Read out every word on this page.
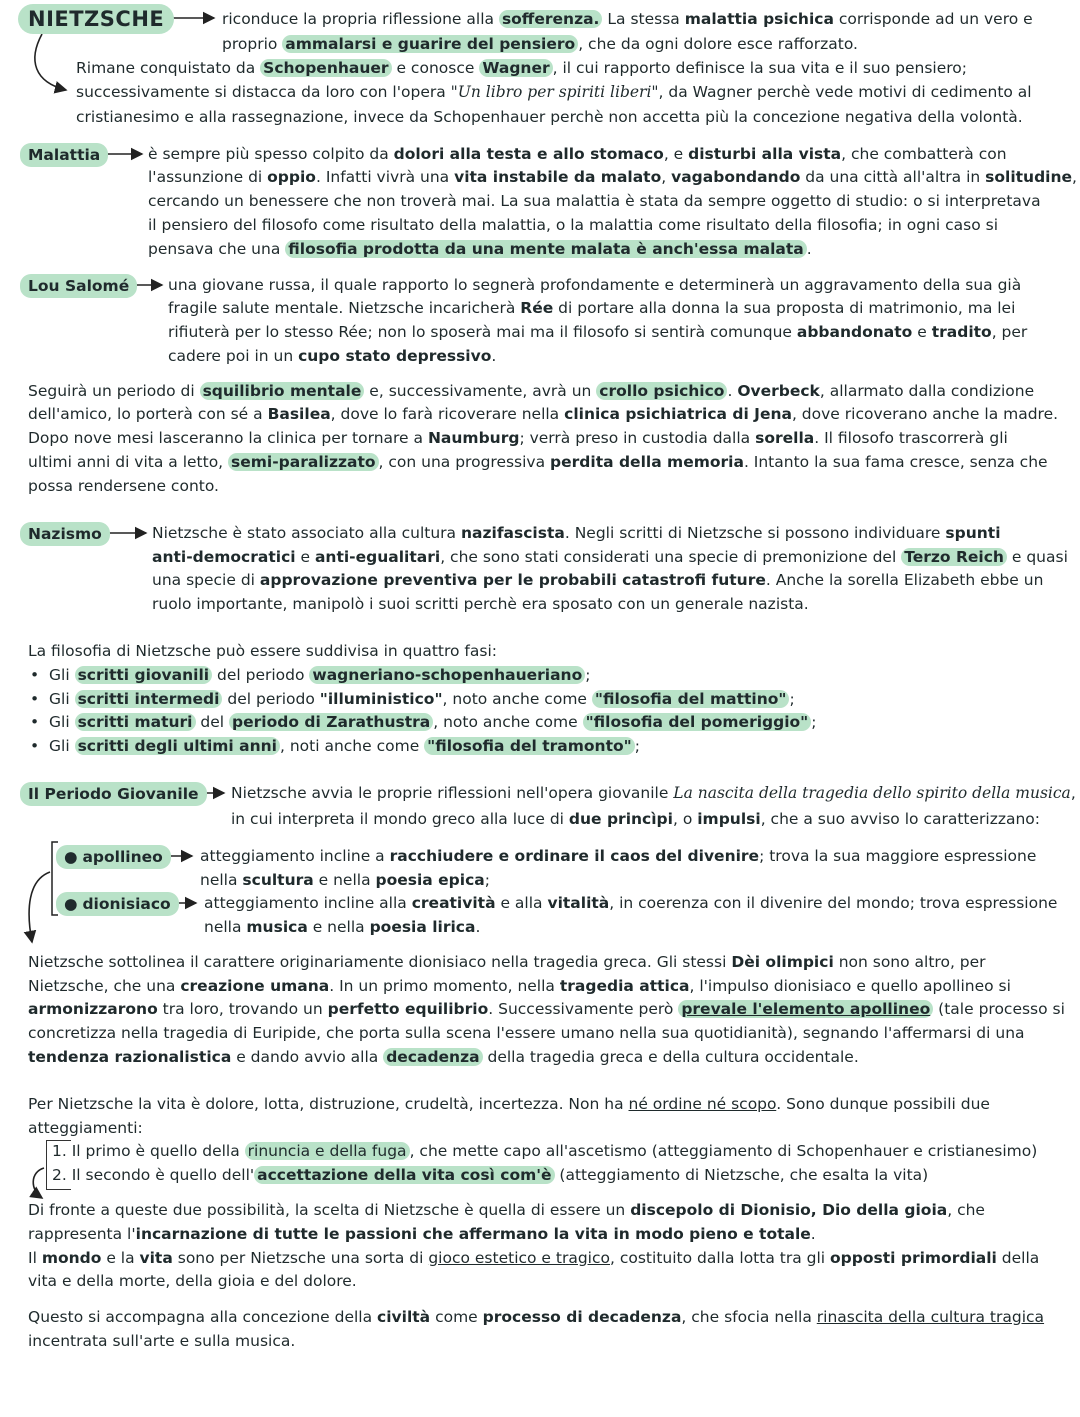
NIETZSCHE	riconduce la propria riflessione alla sofferenza. La stessa malattia psichica corrisponde ad un vero e
proprio ammalarsi e guarire del pensiero , che da ogni dolore esce rafforzato.
Rimane conquistato da Schopenhauer e conosce Wagner , il cui rapporto definisce la sua vita e il suo pensiero;
successivamente si distacca da loro con l'opera "Un libro per spiriti liberi", da Wagner perchè vede motivi di cedimento al
cristianesimo e alla rassegnazione, invece da Schopenhauer perchè non accetta più la concezione negativa della volontà.
Malattia	è sempre più spesso colpito da dolori alla testa e allo stomaco, e disturbi alla vista, che combatterà con
l'assunzione di oppio. Infatti vivrà una vita instabile da malato, vagabondando da una città all'altra in solitudine,
cercando un benessere che non troverà mai. La sua malattia è stata da sempre oggetto di studio: o si interpretava
il pensiero del filosofo come risultato della malattia, o la malattia come risultato della filosofia; in ogni caso si
pensava che una filosofia prodotta da una mente malata è anch'essa malata .
Lou Salomé	una giovane russa, il quale rapporto lo segnerà profondamente e determinerà un aggravamento della sua già
fragile salute mentale. Nietzsche incaricherà Rée di portare alla donna la sua proposta di matrimonio, ma lei
rifiuterà per lo stesso Rée; non lo sposerà mai ma il filosofo si sentirà comunque abbandonato e tradito, per
cadere poi in un cupo stato depressivo.
Seguirà un periodo di squilibrio mentale e, successivamente, avrà un crollo psichico . Overbeck, allarmato dalla condizione
dell'amico, lo porterà con sé a Basilea, dove lo farà ricoverare nella clinica psichiatrica di Jena, dove ricoverano anche la madre.
Dopo nove mesi lasceranno la clinica per tornare a Naumburg; verrà preso in custodia dalla sorella. Il filosofo trascorrerà gli
ultimi anni di vita a letto, semi-paralizzato , con una progressiva perdita della memoria. Intanto la sua fama cresce, senza che
possa rendersene conto.
Nazismo	Nietzsche è stato associato alla cultura nazifascista. Negli scritti di Nietzsche si possono individuare spunti
anti-democratici e anti-egualitari, che sono stati considerati una specie di premonizione del Terzo Reich e quasi
una specie di approvazione preventiva per le probabili catastrofi future. Anche la sorella Elizabeth ebbe un
ruolo importante, manipolò i suoi scritti perchè era sposato con un generale nazista.
La filosofia di Nietzsche può essere suddivisa in quattro fasi:
• Gli scritti giovanili del periodo wagneriano-schopenhaueriano ;
• Gli scritti intermedi del periodo "illuministico", noto anche come "filosofia del mattino" ;
• Gli scritti maturi del periodo di Zarathustra , noto anche come "filosofia del pomeriggio" ;
• Gli scritti degli ultimi anni , noti anche come "filosofia del tramonto" ;
Il Periodo Giovanile	Nietzsche avvia le proprie riflessioni nell'opera giovanile La nascita della tragedia dello spirito della musica,
in cui interpreta il mondo greco alla luce di due princìpi, o impulsi, che a suo avviso lo caratterizzano:
● apollineo	atteggiamento incline a racchiudere e ordinare il caos del divenire; trova la sua maggiore espressione
nella scultura e nella poesia epica;
● dionisiaco	atteggiamento incline alla creatività e alla vitalità, in coerenza con il divenire del mondo; trova espressione
nella musica e nella poesia lirica.
Nietzsche sottolinea il carattere originariamente dionisiaco nella tragedia greca. Gli stessi Dèi olimpici non sono altro, per
Nietzsche, che una creazione umana. In un primo momento, nella tragedia attica, l'impulso dionisiaco e quello apollineo si
armonizzarono tra loro, trovando un perfetto equilibrio. Successivamente però prevale l'elemento apollineo (tale processo si
concretizza nella tragedia di Euripide, che porta sulla scena l'essere umano nella sua quotidianità), segnando l'affermarsi di una
tendenza razionalistica e dando avvio alla decadenza della tragedia greca e della cultura occidentale.
Per Nietzsche la vita è dolore, lotta, distruzione, crudeltà, incertezza. Non ha né ordine né scopo. Sono dunque possibili due
atteggiamenti:
1. Il primo è quello della rinuncia e della fuga , che mette capo all'ascetismo (atteggiamento di Schopenhauer e cristianesimo)
2. Il secondo è quello dell' accettazione della vita così com'è (atteggiamento di Nietzsche, che esalta la vita)
Di fronte a queste due possibilità, la scelta di Nietzsche è quella di essere un discepolo di Dionisio, Dio della gioia, che
rappresenta l'incarnazione di tutte le passioni che affermano la vita in modo pieno e totale.
Il mondo e la vita sono per Nietzsche una sorta di gioco estetico e tragico, costituito dalla lotta tra gli opposti primordiali della
vita e della morte, della gioia e del dolore.
Questo si accompagna alla concezione della civiltà come processo di decadenza, che sfocia nella rinascita della cultura tragica
incentrata sull'arte e sulla musica.
